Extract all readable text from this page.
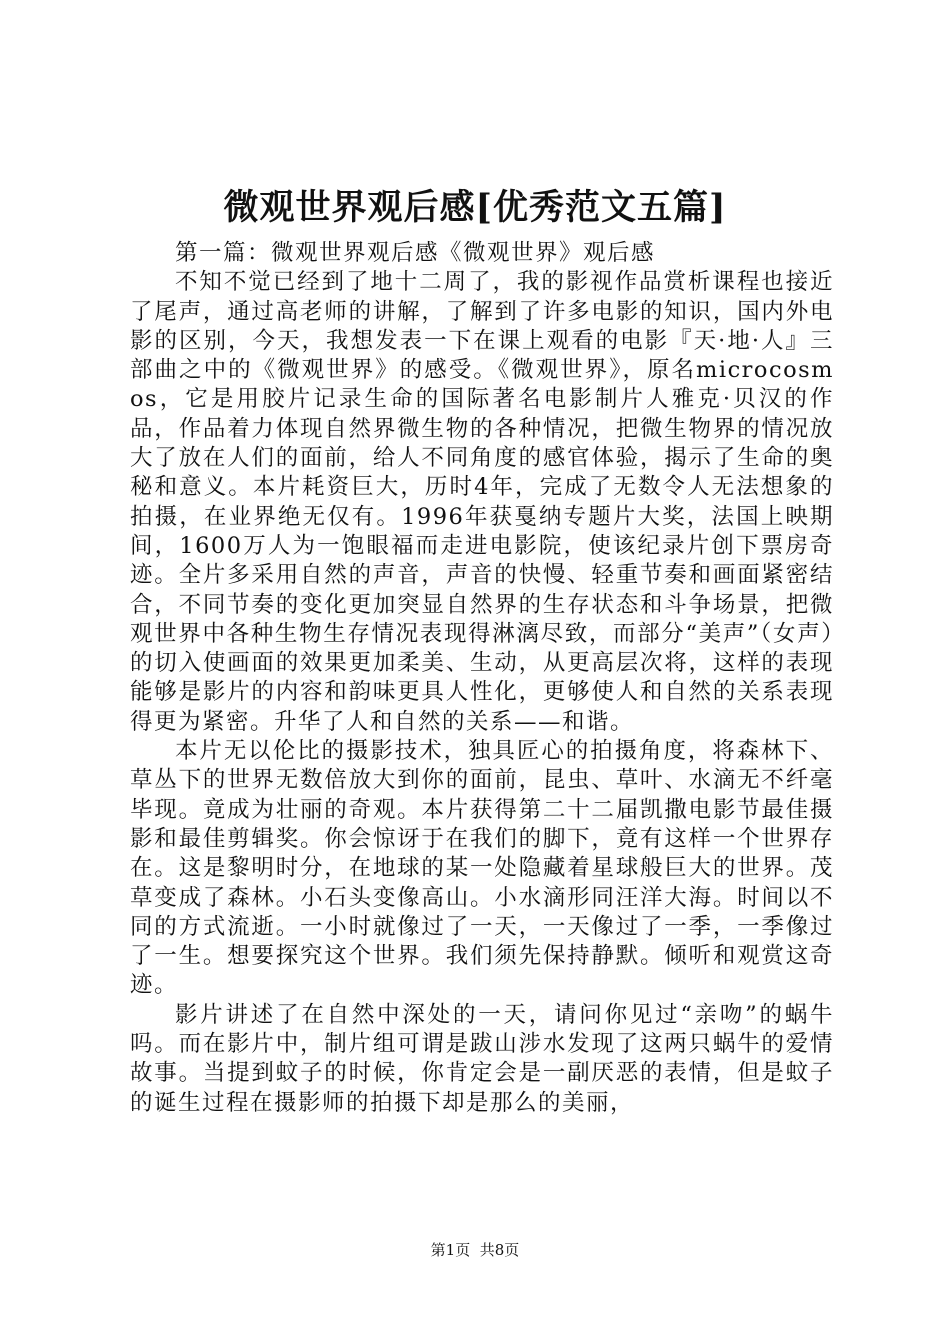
微观世界观后感[优秀范文五篇]

第一篇：微观世界观后感《微观世界》观后感

不知不觉已经到了地十二周了，我的影视作品赏析课程也接近了尾声，通过高老师的讲解，了解到了许多电影的知识，国内外电影的区别，今天，我想发表一下在课上观看的电影『天·地·人』三部曲之中的《微观世界》的感受。《微观世界》，原名microcosmos，它是用胶片记录生命的国际著名电影制片人雅克·贝汉的作品，作品着力体现自然界微生物的各种情况，把微生物界的情况放大了放在人们的面前，给人不同角度的感官体验，揭示了生命的奥秘和意义。本片耗资巨大，历时4年，完成了无数令人无法想象的拍摄，在业界绝无仅有。1996年获戛纳专题片大奖，法国上映期间，1600万人为一饱眼福而走进电影院，使该纪录片创下票房奇迹。全片多采用自然的声音，声音的快慢、轻重节奏和画面紧密结合，不同节奏的变化更加突显自然界的生存状态和斗争场景，把微观世界中各种生物生存情况表现得淋漓尽致，而部分“美声”（女声）的切入使画面的效果更加柔美、生动，从更高层次将，这样的表现能够是影片的内容和韵味更具人性化，更够使人和自然的关系表现得更为紧密。升华了人和自然的关系——和谐。

本片无以伦比的摄影技术，独具匠心的拍摄角度，将森林下、草丛下的世界无数倍放大到你的面前，昆虫、草叶、水滴无不纤毫毕现。竟成为壮丽的奇观。本片获得第二十二届凯撒电影节最佳摄影和最佳剪辑奖。你会惊讶于在我们的脚下，竟有这样一个世界存在。这是黎明时分，在地球的某一处隐藏着星球般巨大的世界。茂草变成了森林。小石头变像高山。小水滴形同汪洋大海。时间以不同的方式流逝。一小时就像过了一天，一天像过了一季，一季像过了一生。想要探究这个世界。我们须先保持静默。倾听和观赏这奇迹。

影片讲述了在自然中深处的一天，请问你见过“亲吻”的蜗牛吗。而在影片中，制片组可谓是跋山涉水发现了这两只蜗牛的爱情故事。当提到蚊子的时候，你肯定会是一副厌恶的表情，但是蚊子的诞生过程在摄影师的拍摄下却是那么的美丽，

第1页 共8页
